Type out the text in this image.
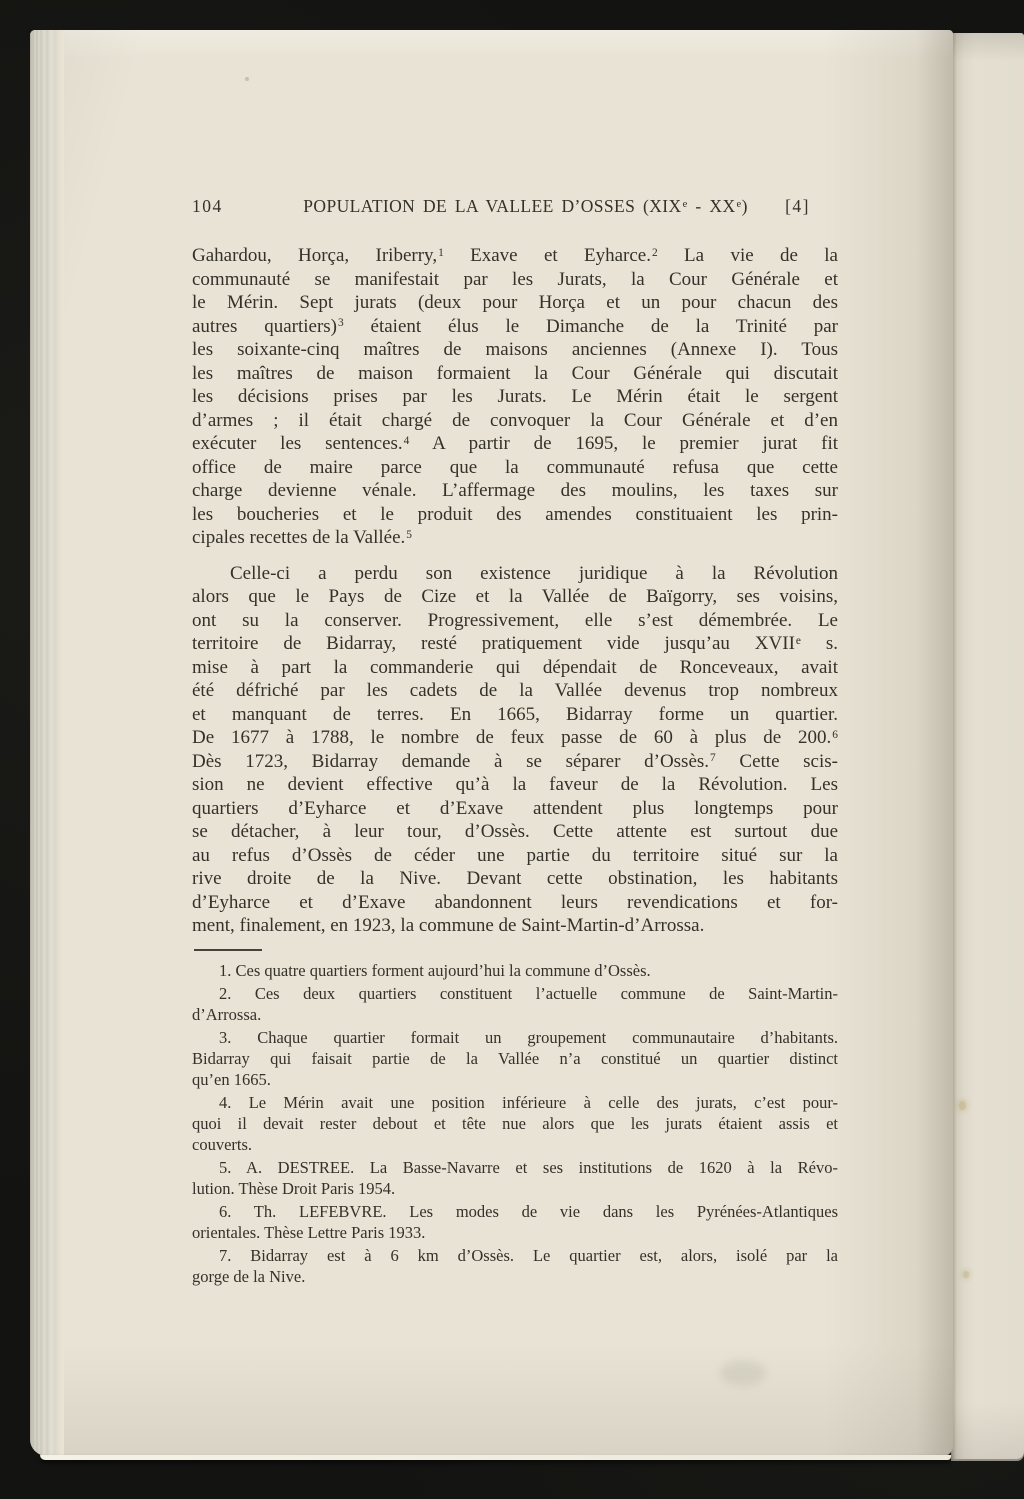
104	POPULATION DE LA VALLEE D’OSSES (XIXe - XXe)	[4]
Gahardou, Horça, Iriberry,$^1$ Exave et Eyharce.$^2$ La vie de la
communauté se manifestait par les Jurats, la Cour Générale et
le Mérin. Sept jurats (deux pour Horça et un pour chacun des
autres quartiers)$^3$ étaient élus le Dimanche de la Trinité par
les soixante-cinq maîtres de maisons anciennes (Annexe I). Tous
les maîtres de maison formaient la Cour Générale qui discutait
les décisions prises par les Jurats. Le Mérin était le sergent
d’armes ; il était chargé de convoquer la Cour Générale et d’en
exécuter les sentences.$^4$ A partir de 1695, le premier jurat fit
office de maire parce que la communauté refusa que cette
charge devienne vénale. L’affermage des moulins, les taxes sur
les boucheries et le produit des amendes constituaient les prin-
cipales recettes de la Vallée.$^5$
Celle-ci a perdu son existence juridique à la Révolution
alors que le Pays de Cize et la Vallée de Baïgorry, ses voisins,
ont su la conserver. Progressivement, elle s’est démembrée. Le
territoire de Bidarray, resté pratiquement vide jusqu’au XVIIe s.
mise à part la commanderie qui dépendait de Ronceveaux, avait
été défriché par les cadets de la Vallée devenus trop nombreux
et manquant de terres. En 1665, Bidarray forme un quartier.
De 1677 à 1788, le nombre de feux passe de 60 à plus de 200.$^6$
Dès 1723, Bidarray demande à se séparer d’Ossès.$^7$ Cette scis-
sion ne devient effective qu’à la faveur de la Révolution. Les
quartiers d’Eyharce et d’Exave attendent plus longtemps pour
se détacher, à leur tour, d’Ossès. Cette attente est surtout due
au refus d’Ossès de céder une partie du territoire situé sur la
rive droite de la Nive. Devant cette obstination, les habitants
d’Eyharce et d’Exave abandonnent leurs revendications et for-
ment, finalement, en 1923, la commune de Saint-Martin-d’Arrossa.
1. Ces quatre quartiers forment aujourd’hui la commune d’Ossès.
2. Ces deux quartiers constituent l’actuelle commune de Saint-Martin-
d’Arrossa.
3. Chaque quartier formait un groupement communautaire d’habitants.
Bidarray qui faisait partie de la Vallée n’a constitué un quartier distinct
qu’en 1665.
4. Le Mérin avait une position inférieure à celle des jurats, c’est pour-
quoi il devait rester debout et tête nue alors que les jurats étaient assis et
couverts.
5. A. DESTREE. La Basse-Navarre et ses institutions de 1620 à la Révo-
lution. Thèse Droit Paris 1954.
6. Th. LEFEBVRE. Les modes de vie dans les Pyrénées-Atlantiques
orientales. Thèse Lettre Paris 1933.
7. Bidarray est à 6 km d’Ossès. Le quartier est, alors, isolé par la
gorge de la Nive.
